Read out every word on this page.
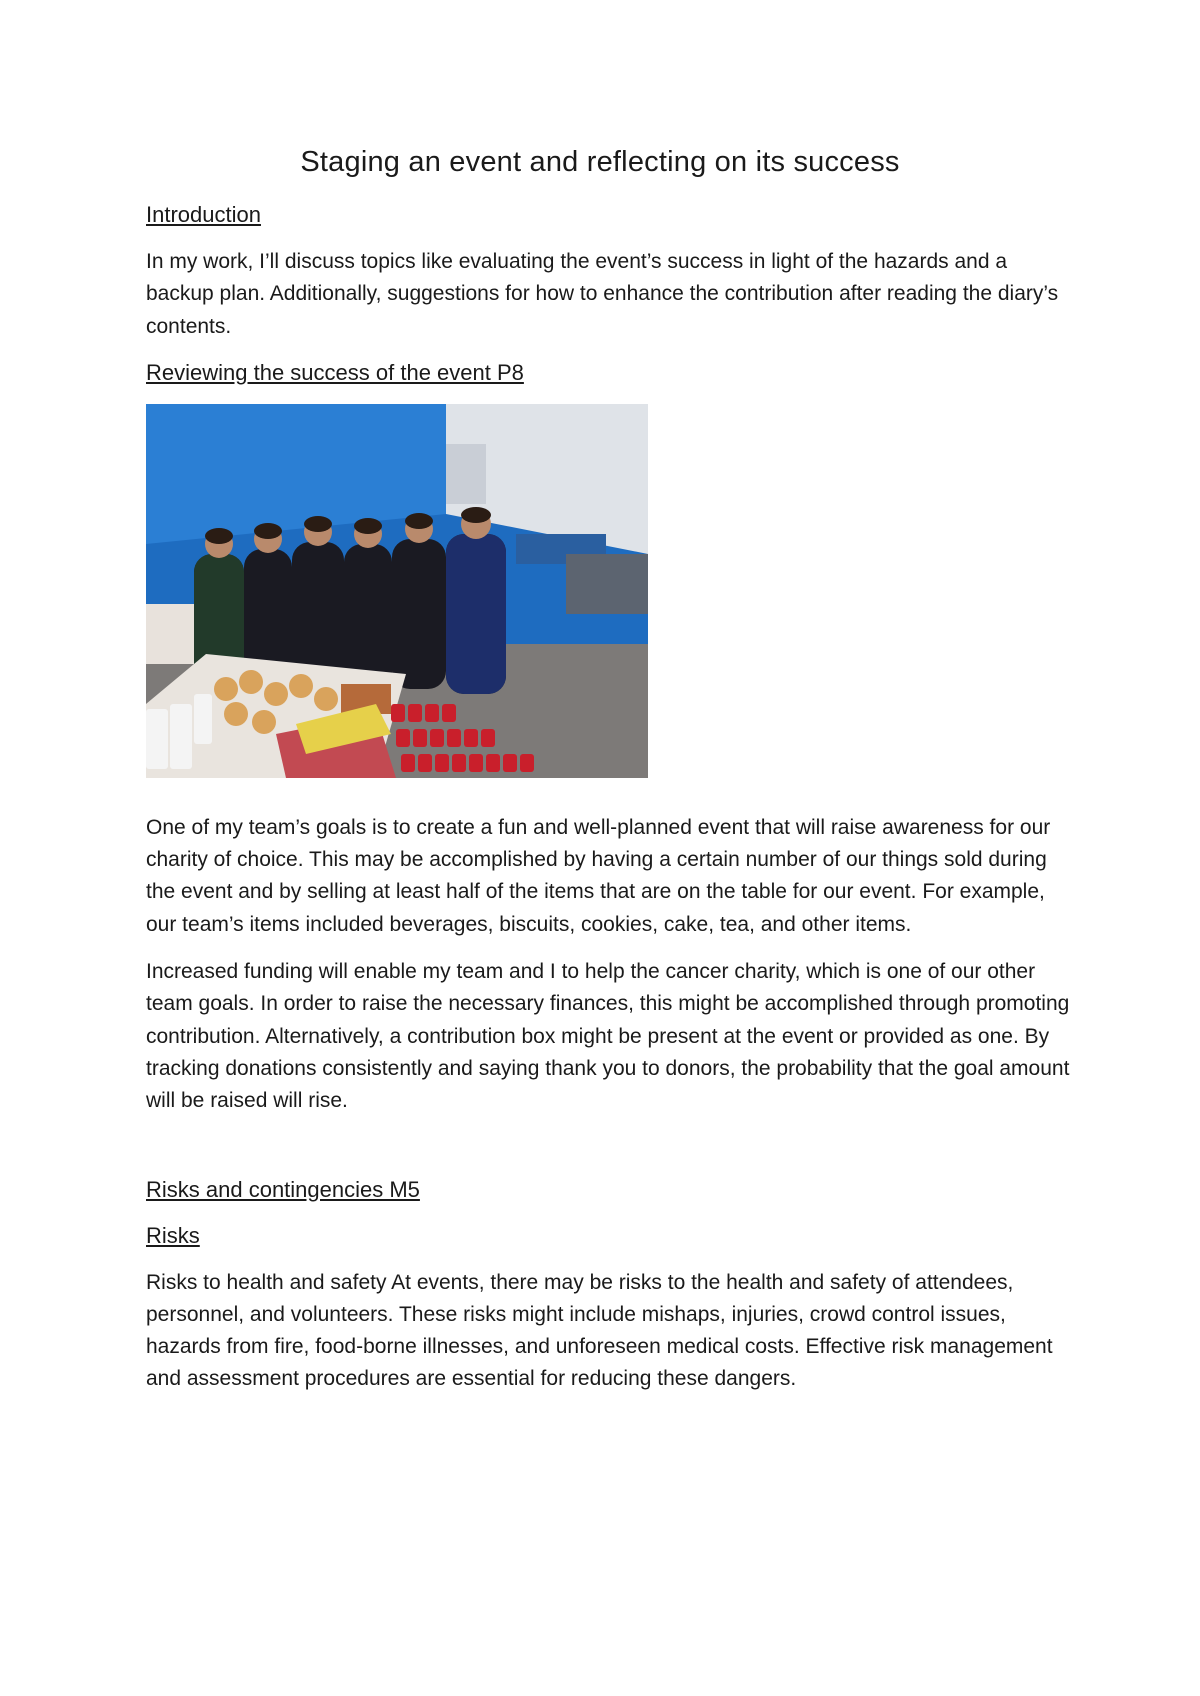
Staging an event and reflecting on its success
Introduction

In my work, I’ll discuss topics like evaluating the event’s success in light of the hazards and a backup plan. Additionally, suggestions for how to enhance the contribution after reading the diary’s contents.

Reviewing the success of the event P8

One of my team’s goals is to create a fun and well-planned event that will raise awareness for our charity of choice. This may be accomplished by having a certain number of our things sold during the event and by selling at least half of the items that are on the table for our event. For example, our team’s items included beverages, biscuits, cookies, cake, tea, and other items.

Increased funding will enable my team and I to help the cancer charity, which is one of our other team goals. In order to raise the necessary finances, this might be accomplished through promoting contribution. Alternatively, a contribution box might be present at the event or provided as one. By tracking donations consistently and saying thank you to donors, the probability that the goal amount will be raised will rise.

Risks and contingencies M5
Risks

Risks to health and safety At events, there may be risks to the health and safety of attendees, personnel, and volunteers. These risks might include mishaps, injuries, crowd control issues, hazards from fire, food-borne illnesses, and unforeseen medical costs. Effective risk management and assessment procedures are essential for reducing these dangers.
